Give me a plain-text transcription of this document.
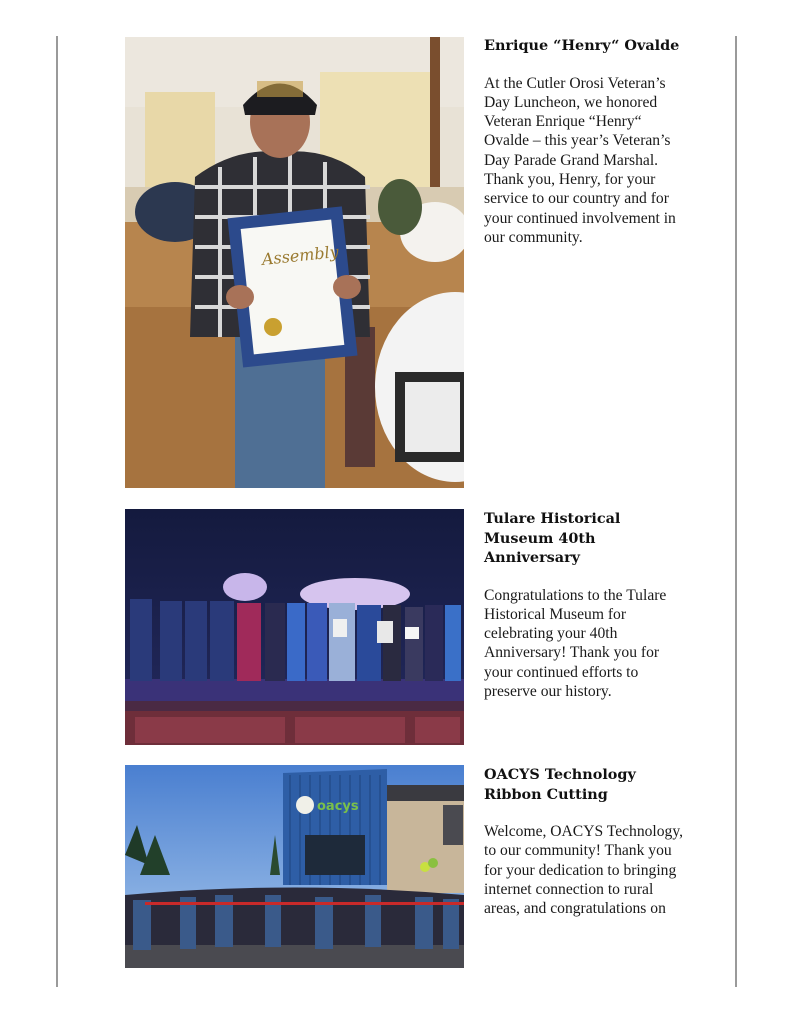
Assembly
Enrique “Henry“ Ovalde

At the Cutler Orosi Veteran’s Day Luncheon, we honored Veteran Enrique “Henry“ Ovalde – this year’s Veteran’s Day Parade Grand Marshal. Thank you, Henry, for your service to our country and for your continued involvement in our community.

Tulare Historical Museum 40th Anniversary

Congratulations to the Tulare Historical Museum for celebrating your 40th Anniversary! Thank you for your continued efforts to preserve our history.

oacys
OACYS Technology Ribbon Cutting

Welcome, OACYS Technology, to our community! Thank you for your dedication to bringing internet connection to rural areas, and congratulations on
